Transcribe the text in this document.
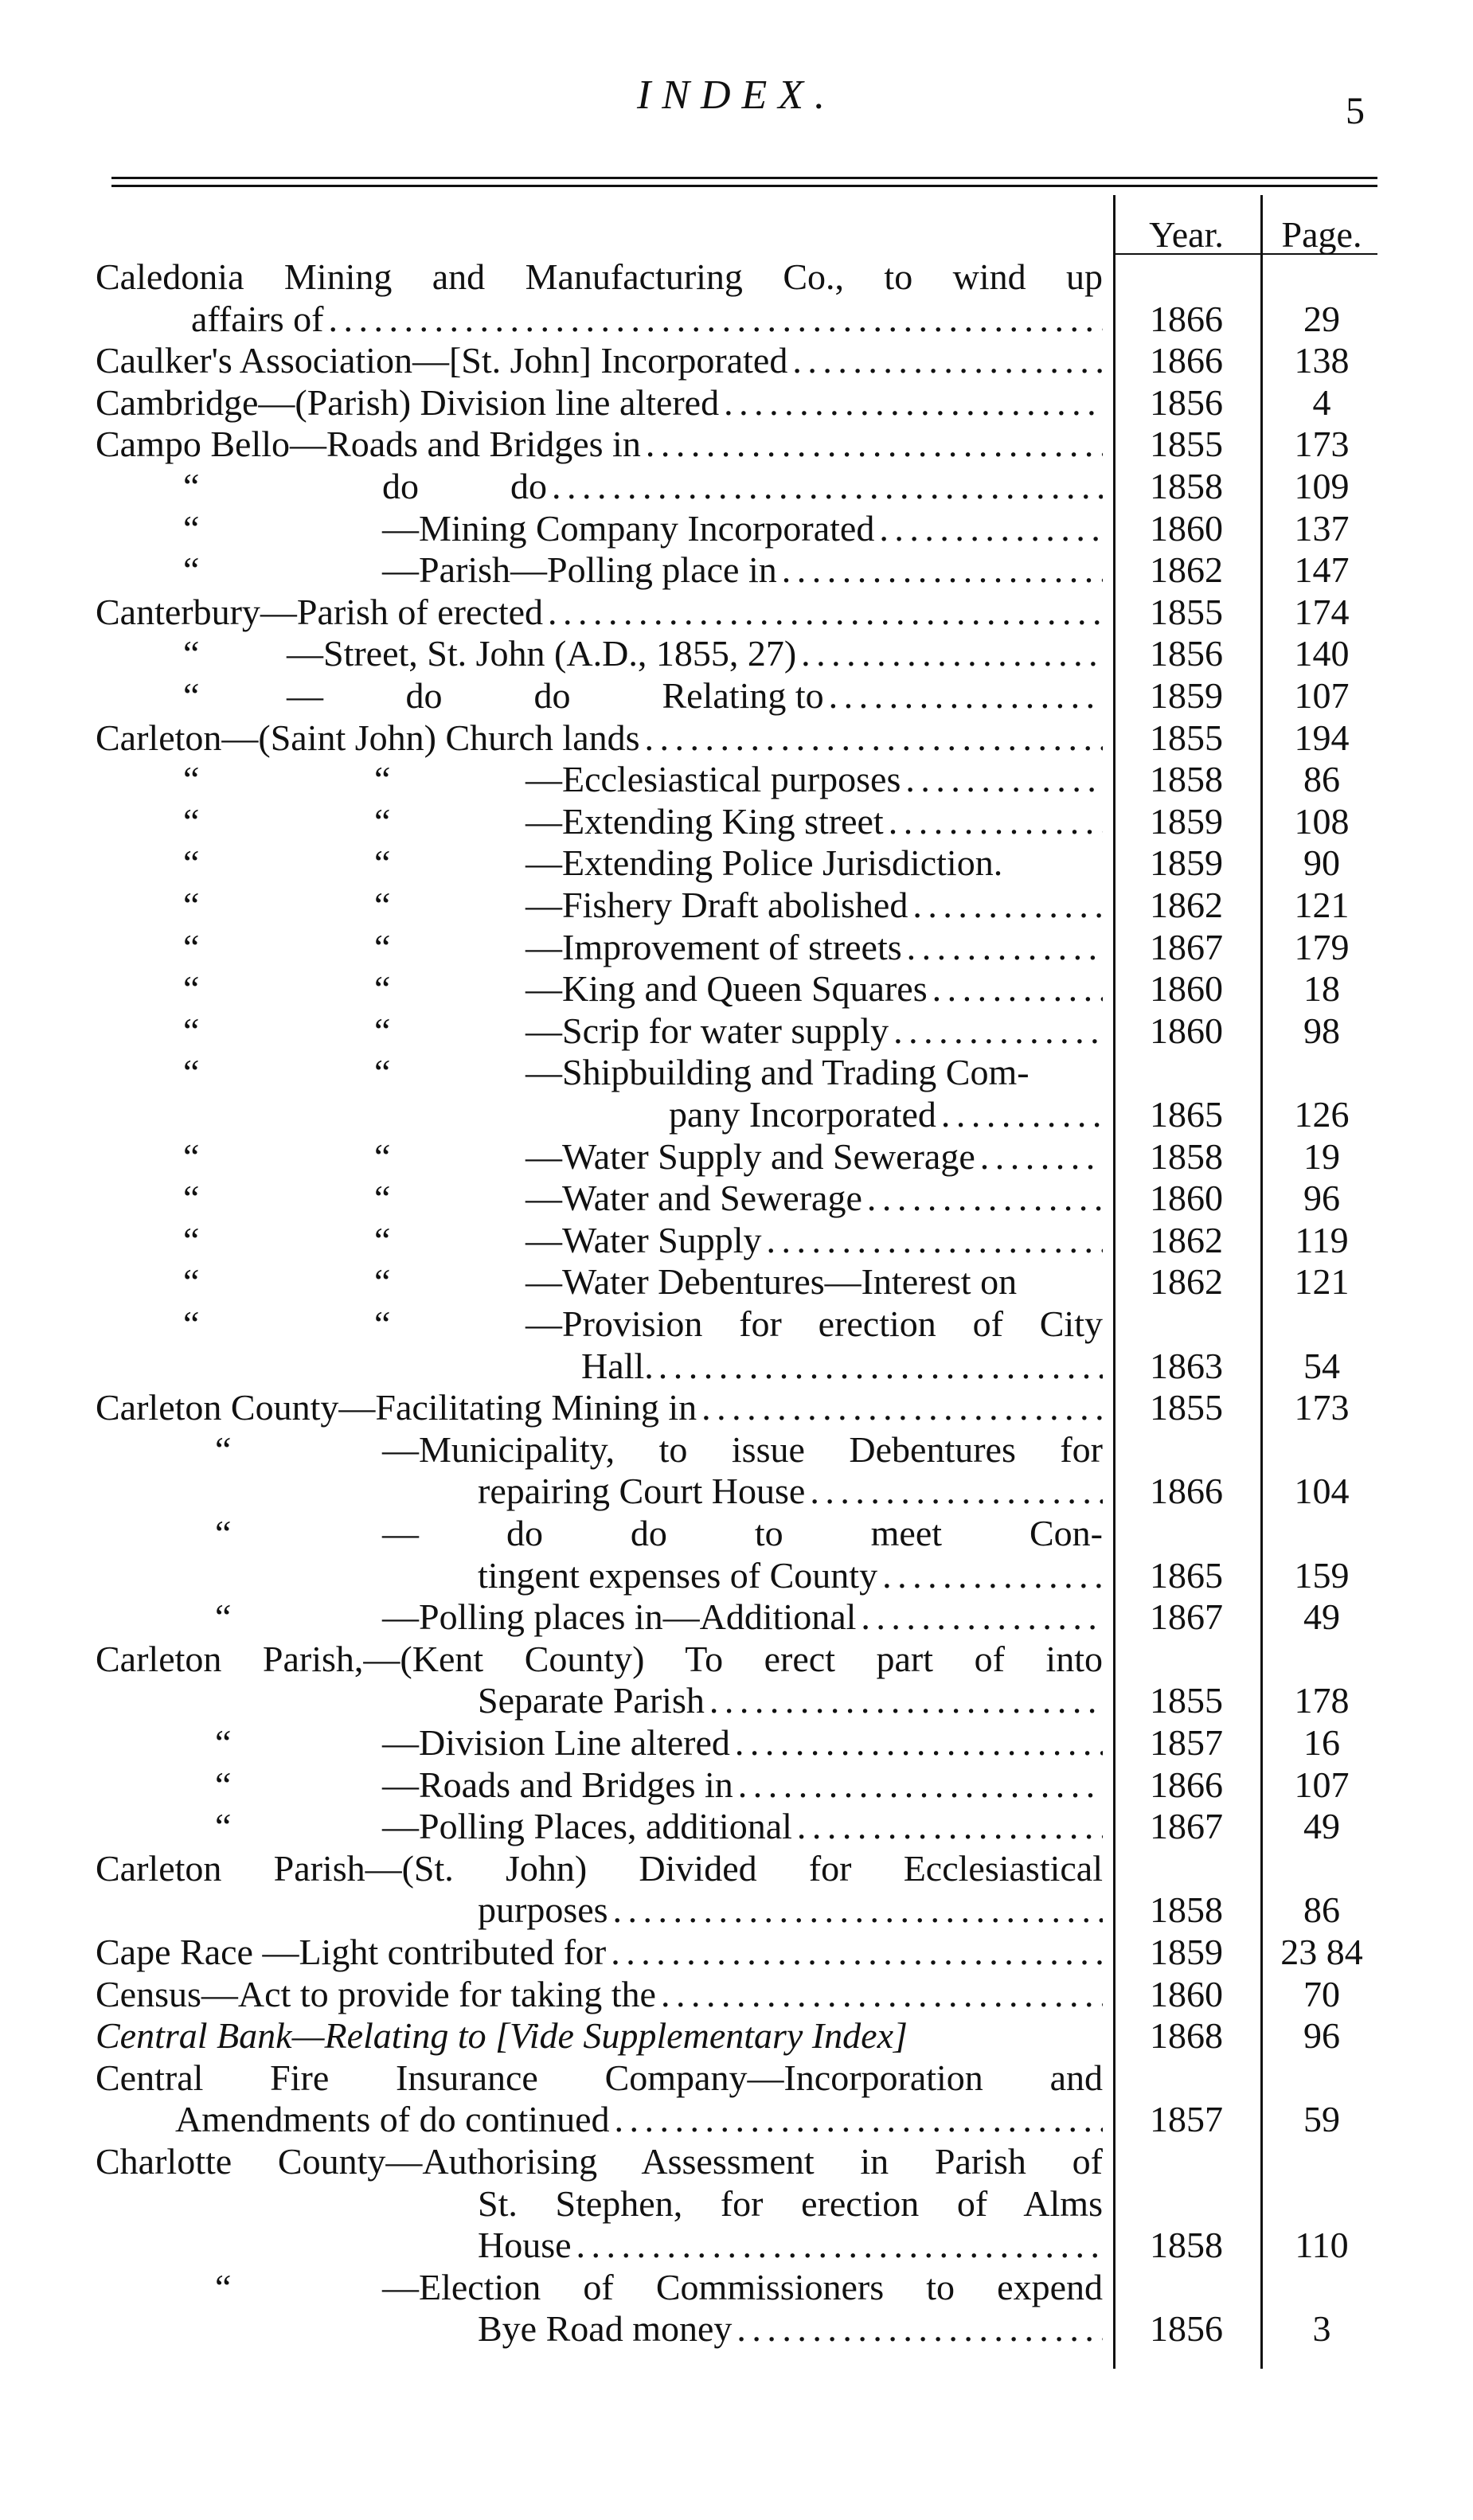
INDEX.	5
Year.	Page.
Caledonia Mining and Manufacturing Co., to wind up
affairs of . . .	1866	29
Caulker's Association—[St. John] Incorporated . . .	1866	138
Cambridge—(Parish) Division line altered . . .	1856	4
Campo Bello—Roads and Bridges in . . .	1855	173
“	do          do . . .	1858	109
“	—Mining Company Incorporated . . .	1860	137
“	—Parish—Polling place in . . .	1862	147
Canterbury—Parish of erected . . .	1855	174
“ —Street, St. John (A.D., 1855, 27) . . .	1856	140
“ —         do          do          Relating to . . .	1859	107
Carleton—(Saint John) Church lands . . .	1855	194
“	“	—Ecclesiastical purposes . . .	1858	86
“	“	—Extending King street . . .	1859	108
“	“	—Extending Police Jurisdiction.	1859	90
“	“	—Fishery Draft abolished . . .	1862	121
“	“	—Improvement of streets . . .	1867	179
“	“	—King and Queen Squares . . .	1860	18
“	“	—Scrip for water supply . . .	1860	98
“	“	—Shipbuilding and Trading Com-
pany Incorporated . . .	1865	126
“	“	—Water Supply and Sewerage . . .	1858	19
“	“	—Water and Sewerage . . .	1860	96
“	“	—Water Supply . . .	1862	119
“	“	—Water Debentures—Interest on	1862	121
“	“	—Provision for erection of City
Hall. . . .	1863	54
Carleton County—Facilitating Mining in . . .	1855	173
“	—Municipality, to issue Debentures for
repairing Court House . . .	1866	104
“	— do do to meet Con-
tingent expenses of County . . .	1865	159
“	—Polling places in—Additional . . .	1867	49
Carleton Parish,—(Kent County) To erect part of into
Separate Parish . . .	1855	178
“	—Division Line altered . . .	1857	16
“	—Roads and Bridges in . . .	1866	107
“	—Polling Places, additional . . .	1867	49
Carleton Parish—(St. John) Divided for Ecclesiastical
purposes . . .	1858	86
Cape Race —Light contributed for . . .	1859	23 84
Census—Act to provide for taking the . . .	1860	70
Central Bank—Relating to [Vide Supplementary Index]	1868	96
Central Fire Insurance Company—Incorporation and
Amendments of do continued . . .	1857	59
Charlotte County—Authorising Assessment in Parish of
St. Stephen, for erection of Alms
House . . .	1858	110
“	—Election of Commissioners to expend
Bye Road money . . .	1856	3
